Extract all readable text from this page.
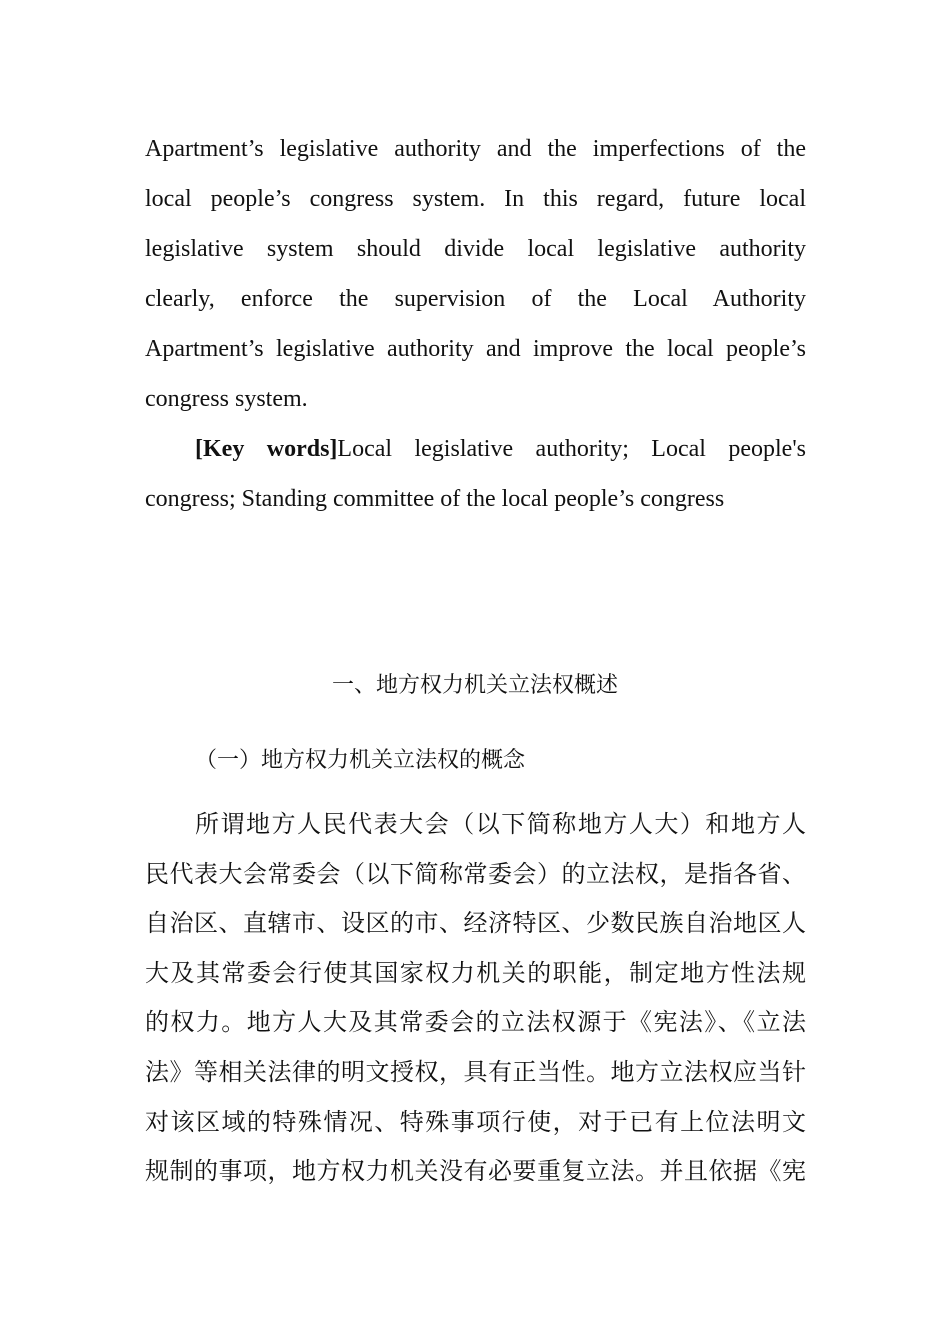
Apartment’s legislative authority and the imperfections of the
local people’s congress system. In this regard, future local
legislative system should divide local legislative authority
clearly, enforce the supervision of the Local Authority
Apartment’s legislative authority and improve the local people’s
congress system.
[Key words]Local legislative authority; Local people's
congress; Standing committee of the local people’s congress
一、地方权力机关立法权概述
（一）地方权力机关立法权的概念
所谓地方人民代表大会（以下简称地方人大）和地方人
民代表大会常委会（以下简称常委会）的立法权，是指各省、
自治区、直辖市、设区的市、经济特区、少数民族自治地区人
大及其常委会行使其国家权力机关的职能，制定地方性法规
的权力。地方人大及其常委会的立法权源于《宪法》、《立法
法》等相关法律的明文授权，具有正当性。地方立法权应当针
对该区域的特殊情况、特殊事项行使，对于已有上位法明文
规制的事项，地方权力机关没有必要重复立法。并且依据《宪
